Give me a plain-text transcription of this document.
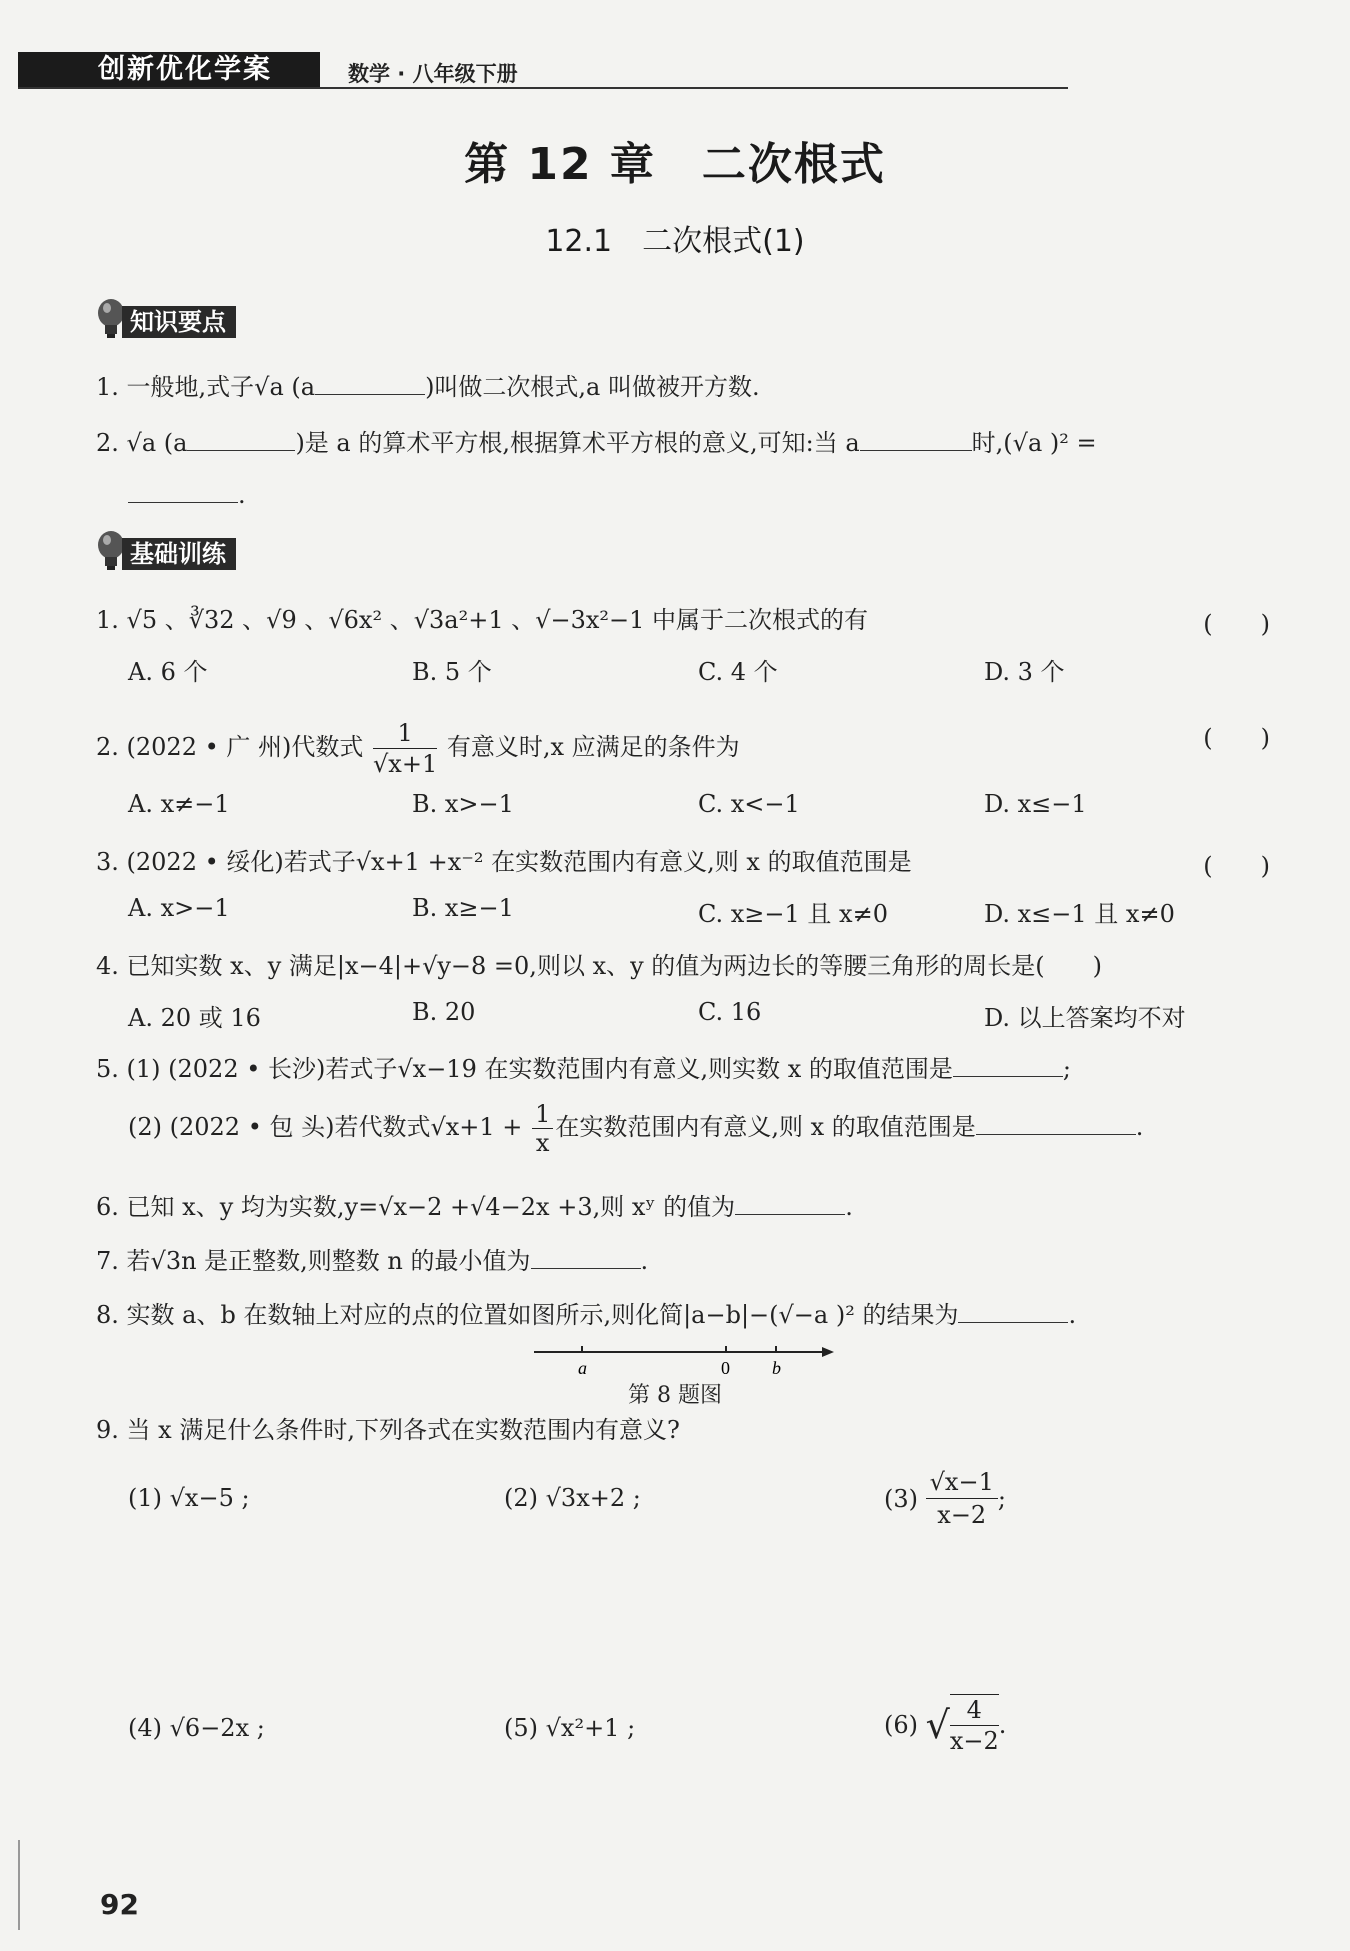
创新优化学案	数学 · 八年级下册
第 12 章　二次根式
12.1　二次根式(1)
知识要点
1. 一般地,式子√a (a	)叫做二次根式,a 叫做被开方数.
2. √a (a	)是 a 的算术平方根,根据算术平方根的意义,可知:当 a	时,(√a )² =
.
基础训练
1. √5 、∛32 、√9 、√6x² 、√3a²+1 、√−3x²−1 中属于二次根式的有	(　　)
A. 6 个	B. 5 个	C. 4 个	D. 3 个
2. (2022 • 广 州)代数式 $\frac{1}{√x+1}$ 有意义时,x 应满足的条件为	(　　)
A. x≠−1	B. x>−1	C. x<−1	D. x≤−1
3. (2022 • 绥化)若式子√x+1 +x⁻² 在实数范围内有意义,则 x 的取值范围是	(　　)
A. x>−1	B. x≥−1	C. x≥−1 且 x≠0	D. x≤−1 且 x≠0
4. 已知实数 x、y 满足|x−4|+√y−8 =0,则以 x、y 的值为两边长的等腰三角形的周长是(　　)
A. 20 或 16	B. 20	C. 16	D. 以上答案均不对
5. (1) (2022 • 长沙)若式子√x−19 在实数范围内有意义,则实数 x 的取值范围是	;
(2) (2022 • 包 头)若代数式$√x+1 + \frac{1}{x}$ 在实数范围内有意义,则 x 的取值范围是	.
6. 已知 x、y 均为实数,y=√x−2 +√4−2x +3,则 xʸ 的值为	.
7. 若√3n 是正整数,则整数 n 的最小值为	.
8. 实数 a、b 在数轴上对应的点的位置如图所示,则化简|a−b|−(√−a )² 的结果为	.
a	0 b
第 8 题图
9. 当 x 满足什么条件时,下列各式在实数范围内有意义?
(1) √x−5 ;	(2) √3x+2 ;	$(3) \frac{√x-1}{x-2}$ ;
(4) √6−2x ;	(5) √x²+1 ;	(6) √ $\frac{4}{x-2}$ .
92
